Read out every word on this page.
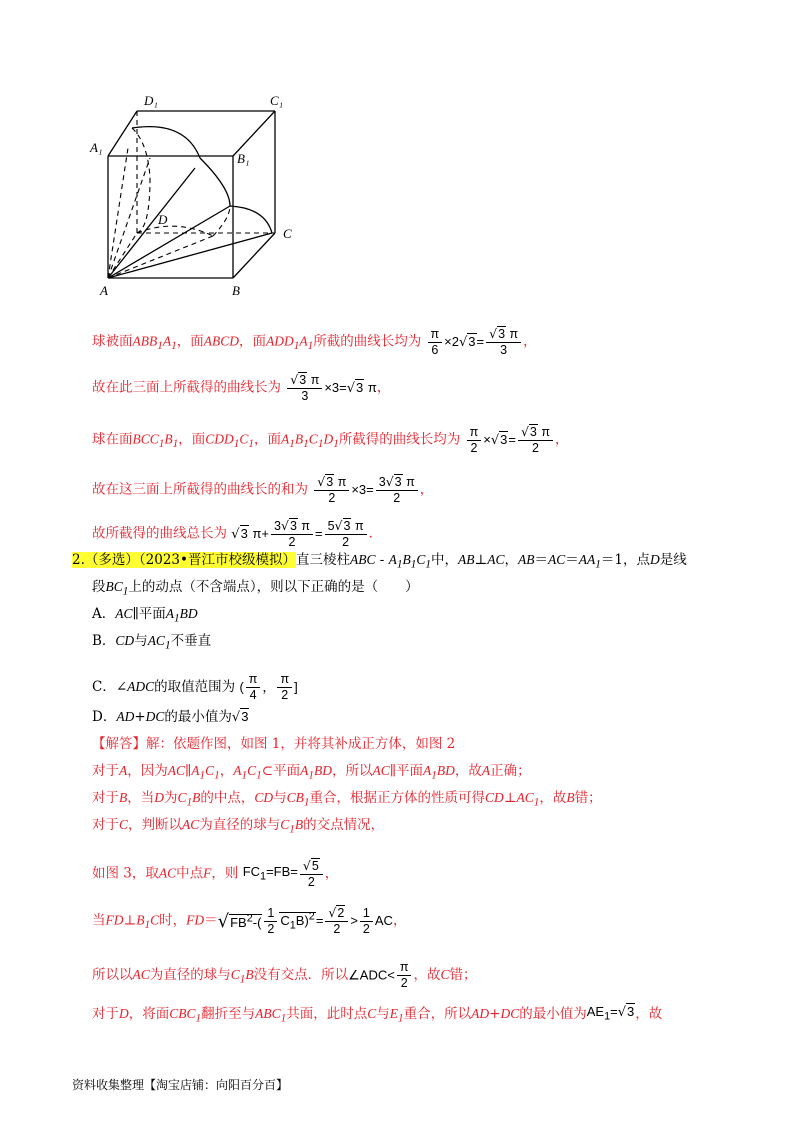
D₁	C₁
A₁
B₁
D
C
A	B
球被面$ABB_1A_1$，面ABCD，面$ADD_1A_1$所截的曲线长均为 $\frac{\pi}{6} \times 2√3= \frac{√3 \pi}{3}$ ，
故在此三面上所截得的曲线长为 $\frac{√3 \pi}{3} \times 3=√3$ π，
球在面$BCC_1B_1$，面$CDD_1C_1$，面$A_1B_1C_1D_1$所截得的曲线长均为 $\frac{\pi}{2} \times√3= \frac{√3 \pi}{2}$ ，
故在这三面上所截得的曲线长的和为 $\frac{√3 \pi}{2} \times 3= \frac{3√3 \pi}{2}$ ，
故所截得的曲线总长为 √3 $\pi+ \frac{3√3 \pi}{2} = \frac{5√3 \pi}{2}$ ．
2.（多选）（2023•晋江市校级模拟）直三棱柱ABC - $A_1B_1C_1$中，AB⊥AC，$AB=AC=AA_1=1$，点D是线
段$BC_1$上的动点（不含端点），则以下正确的是（　　）
A．AC∥平面$A_1BD$
B．CD与$AC_1$不垂直
C．∠ADC的取值范围为 ( $\frac{\pi}{4}$ ， $\frac{\pi}{2}$ ]
D．AD+DC的最小值为√3
【解答】解：依题作图，如图 1，并将其补成正方体，如图 2
对于A，因为$AC\parallel A_1C_1$，$A_1C_1\subset$平面$A_1BD$，所以AC∥平面$A_1BD$，故A正确；
对于B，当D为$C_1B$的中点，CD与$CB_1$重合，根据正方体的性质可得$CD\perp AC_1$，故B错；
对于C，判断以AC为直径的球与$C_1B$的交点情况，
如图 3，取AC中点F，则 $FC_1=FB= \frac{√5}{2}$ ，
当$FD\perp B_1C$时，$FD=√FB^2-( \frac{1}{2} C_1B)^2= \frac{√2}{2} > \frac{1}{2}$ AC，
所以以AC为直径的球与$C_1B$没有交点．所以∠ADC< $\frac{\pi}{2}$ ，故C错；
对于D，将面$CBC_1$翻折至与$ABC_1$共面，此时点C与$E_1$重合，所以AD+DC的最小值为$AE_1=√3$，故
资料收集整理【淘宝店铺：向阳百分百】
